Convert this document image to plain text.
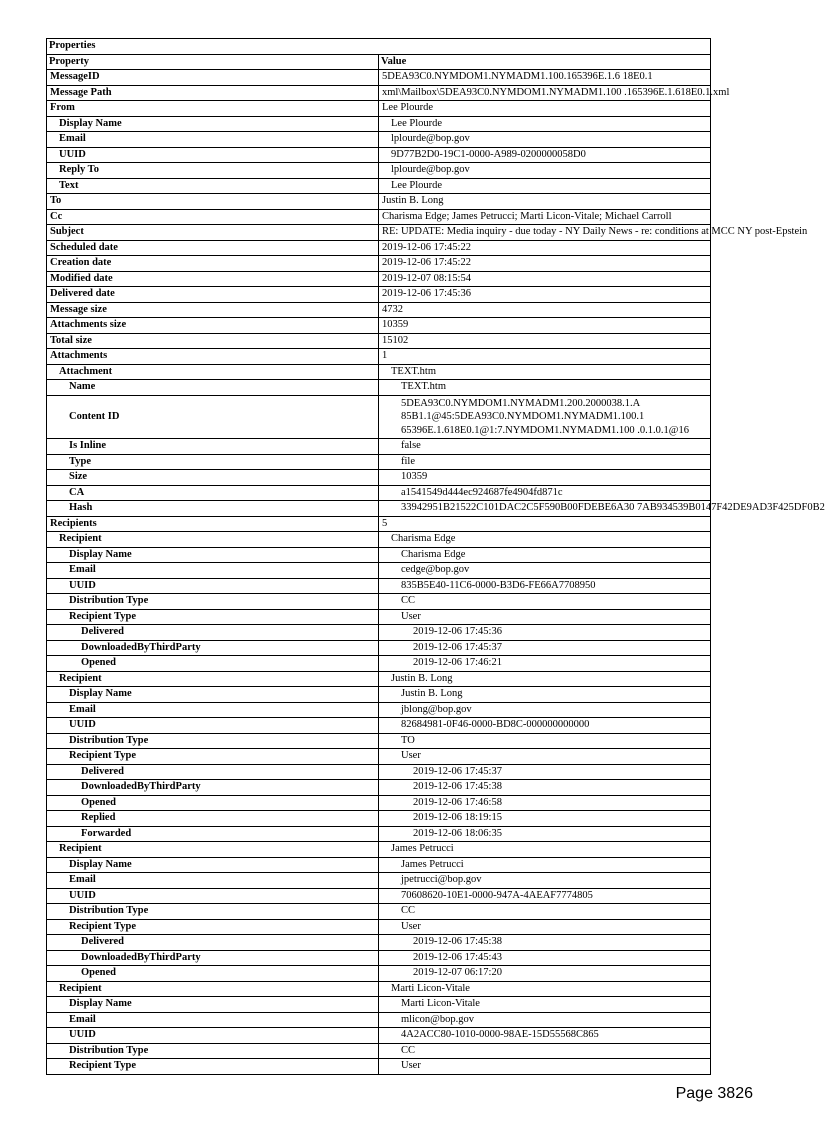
Properties	
Property	Value
MessageID	5DEA93C0.NYMDOM1.NYMADM1.100.165396E.1.6 18E0.1
Message Path	xml\Mailbox\5DEA93C0.NYMDOM1.NYMADM1.100 .165396E.1.618E0.1.xml
From	Lee Plourde
Display Name	Lee Plourde
Email	lplourde@bop.gov
UUID	9D77B2D0-19C1-0000-A989-0200000058D0
Reply To	lplourde@bop.gov
Text	Lee Plourde
To	Justin B. Long
Cc	Charisma Edge; James Petrucci; Marti Licon-Vitale; Michael Carroll
Subject	RE: UPDATE: Media inquiry - due today - NY Daily News - re: conditions at MCC NY post-Epstein
Scheduled date	2019-12-06 17:45:22
Creation date	2019-12-06 17:45:22
Modified date	2019-12-07 08:15:54
Delivered date	2019-12-06 17:45:36
Message size	4732
Attachments size	10359
Total size	15102
Attachments	1
Attachment	TEXT.htm
Name	TEXT.htm
Content ID	5DEA93C0.NYMDOM1.NYMADM1.200.2000038.1.A
85B1.1@45:5DEA93C0.NYMDOM1.NYMADM1.100.1
65396E.1.618E0.1@1:7.NYMDOM1.NYMADM1.100 .0.1.0.1@16
Is Inline	false
Type	file
Size	10359
CA	a1541549d444ec924687fe4904fd871c
Hash	33942951B21522C101DAC2C5F590B00FDEBE6A30 7AB934539B0147F42DE9AD3F425DF0B2
Recipients	5
Recipient	Charisma Edge
Display Name	Charisma Edge
Email	cedge@bop.gov
UUID	835B5E40-11C6-0000-B3D6-FE66A7708950
Distribution Type	CC
Recipient Type	User
Delivered	2019-12-06 17:45:36
DownloadedByThirdParty	2019-12-06 17:45:37
Opened	2019-12-06 17:46:21
Recipient	Justin B. Long
Display Name	Justin B. Long
Email	jblong@bop.gov
UUID	82684981-0F46-0000-BD8C-000000000000
Distribution Type	TO
Recipient Type	User
Delivered	2019-12-06 17:45:37
DownloadedByThirdParty	2019-12-06 17:45:38
Opened	2019-12-06 17:46:58
Replied	2019-12-06 18:19:15
Forwarded	2019-12-06 18:06:35
Recipient	James Petrucci
Display Name	James Petrucci
Email	jpetrucci@bop.gov
UUID	70608620-10E1-0000-947A-4AEAF7774805
Distribution Type	CC
Recipient Type	User
Delivered	2019-12-06 17:45:38
DownloadedByThirdParty	2019-12-06 17:45:43
Opened	2019-12-07 06:17:20
Recipient	Marti Licon-Vitale
Display Name	Marti Licon-Vitale
Email	mlicon@bop.gov
UUID	4A2ACC80-1010-0000-98AE-15D55568C865
Distribution Type	CC
Recipient Type	User
Page 3826
